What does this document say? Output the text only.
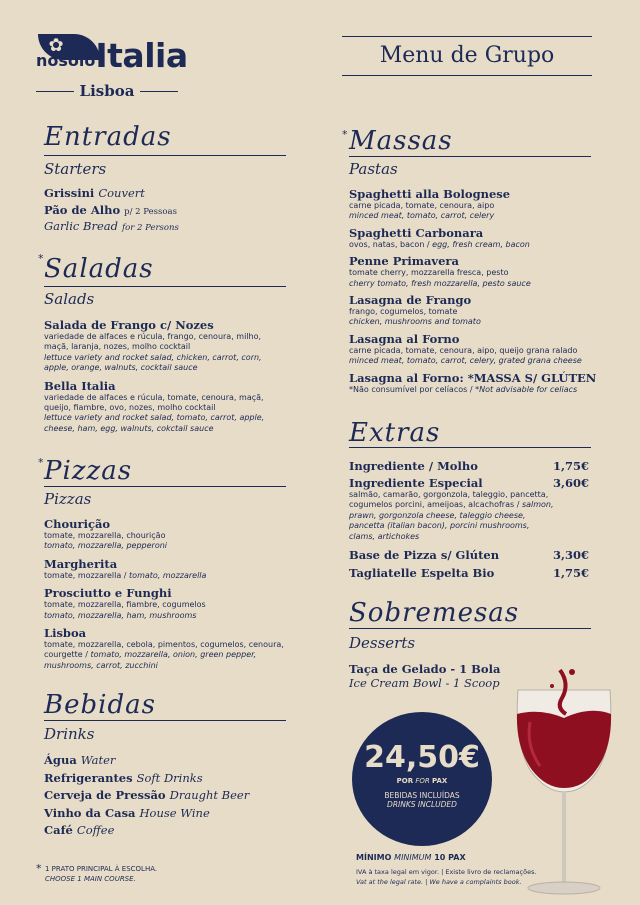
✿
nosolo Italia
Lisboa
Menu de Grupo
Entradas
Starters
Grissini Couvert
Pão de Alho p/ 2 Pessoas
Garlic Bread for 2 Persons
* Saladas
Salads
Salada de Frango c/ Nozes
variedade de alfaces e rúcula, frango, cenoura, milho, maçã, laranja, nozes, molho cocktail
lettuce variety and rocket salad, chicken, carrot, corn, apple, orange, walnuts, cocktail sauce
Bella Italia
variedade de alfaces e rúcula, tomate, cenoura, maçã, queijo, fiambre, ovo, nozes, molho cocktail
lettuce variety and rocket salad, tomato, carrot, apple, cheese, ham, egg, walnuts, cokctail sauce
* Pizzas
Pizzas
Chourição
tomate, mozzarella, chourição
tomato, mozzarella, pepperoni
Margherita
tomate, mozzarella / tomato, mozzarella
Prosciutto e Funghi
tomate, mozzarella, fiambre, cogumelos
tomato, mozzarella, ham, mushrooms
Lisboa
tomate, mozzarella, cebola, pimentos, cogumelos, cenoura, courgette / tomato, mozzarella, onion, green pepper, mushrooms, carrot, zucchini
Bebidas
Drinks
Água Water
Refrigerantes Soft Drinks
Cerveja de Pressão Draught Beer
Vinho da Casa House Wine
Café Coffee
* 1 PRATO PRINCIPAL À ESCOLHA.
CHOOSE 1 MAIN COURSE.
* Massas
Pastas
Spaghetti alla Bolognese
carne picada, tomate, cenoura, aipo
minced meat, tomato, carrot, celery
Spaghetti Carbonara
ovos, natas, bacon / egg, fresh cream, bacon
Penne Primavera
tomate cherry, mozzarella fresca, pesto
cherry tomato, fresh mozzarella, pesto sauce
Lasagna de Frango
frango, cogumelos, tomate
chicken, mushrooms and tomato
Lasagna al Forno
carne picada, tomate, cenoura, aipo, queijo grana ralado
minced meat, tomato, carrot, celery, grated grana cheese
Lasagna al Forno: *MASSA S/ GLÚTEN
*Não consumível por celíacos / *Not advisable for celiacs
Extras
Ingrediente / Molho	1,75€
Ingrediente Especial	3,60€
salmão, camarão, gorgonzola, taleggio, pancetta, cogumelos porcini, ameijoas, alcachofras / salmon, prawn, gorgonzola cheese, taleggio cheese, pancetta (italian bacon), porcini mushrooms, clams, artichokes
Base de Pizza s/ Glúten	3,30€
Tagliatelle Espelta Bio	1,75€
Sobremesas
Desserts
Taça de Gelado - 1 Bola
Ice Cream Bowl - 1 Scoop
24,50€
POR FOR PAX
BEBIDAS INCLUÍDAS
DRINKS INCLUDED
MÍNIMO MINIMUM 10 PAX
IVA à taxa legal em vigor. | Existe livro de reclamações.
Vat at the legal rate. | We have a complaints book.
